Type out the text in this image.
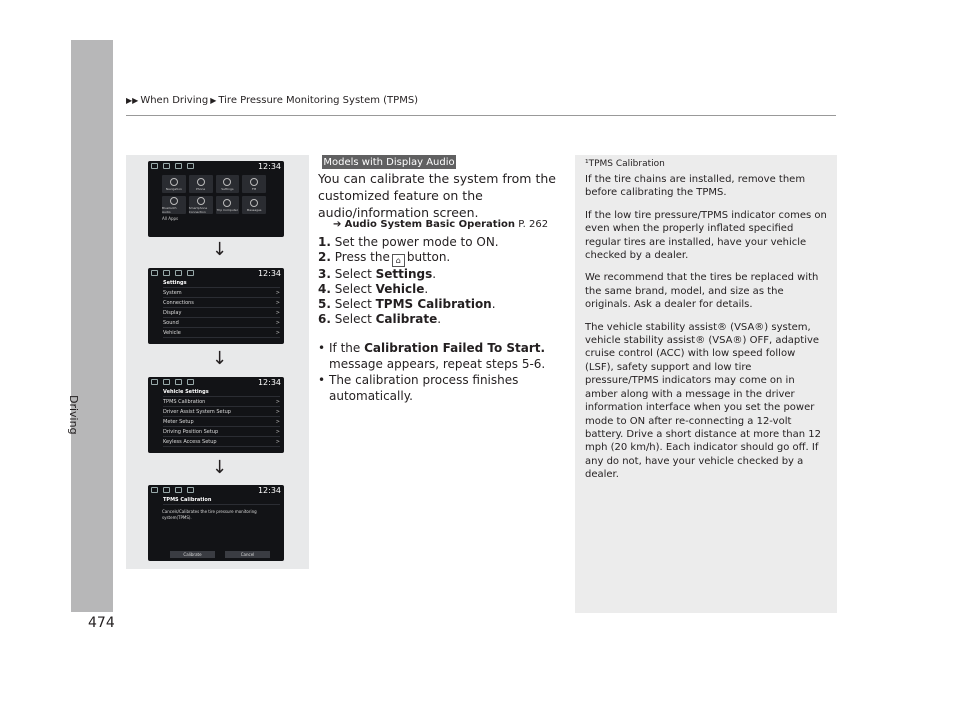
▶▶ When Driving ▶ Tire Pressure Monitoring System (TPMS)
Driving
474
12:34
Navigation	Phone	Settings	FM
Bluetooth Audio
Smartphone Connection	Trip Computer	Messages
All Apps
↓
12:34
Settings
System	>
Connections	>
Display	>
Sound	>
Vehicle	>
↓
12:34
Vehicle Settings
TPMS Calibration	>
Driver Assist System Setup	>
Meter Setup	>
Driving Position Setup	>
Keyless Access Setup	>
↓
12:34
TPMS Calibration
Cancels/Calibrates the tire pressure monitoring system(TPMS).
Calibrate	Cancel
Models with Display Audio
You can calibrate the system from the customized feature on the audio/information screen.
➔ Audio System Basic Operation P. 262
1. Set the power mode to ON.
2. Press the ⌂ button.
3. Select Settings.
4. Select Vehicle.
5. Select TPMS Calibration.
6. Select Calibrate.
• If the Calibration Failed To Start. message appears, repeat steps 5-6.
• The calibration process finishes automatically.
¹TPMS Calibration

If the tire chains are installed, remove them before calibrating the TPMS.

If the low tire pressure/TPMS indicator comes on even when the properly inflated specified regular tires are installed, have your vehicle checked by a dealer.

We recommend that the tires be replaced with the same brand, model, and size as the originals. Ask a dealer for details.

The vehicle stability assist® (VSA®) system, vehicle stability assist® (VSA®) OFF, adaptive cruise control (ACC) with low speed follow (LSF), safety support and low tire pressure/TPMS indicators may come on in amber along with a message in the driver information interface when you set the power mode to ON after re-connecting a 12-volt battery. Drive a short distance at more than 12 mph (20 km/h). Each indicator should go off. If any do not, have your vehicle checked by a dealer.
